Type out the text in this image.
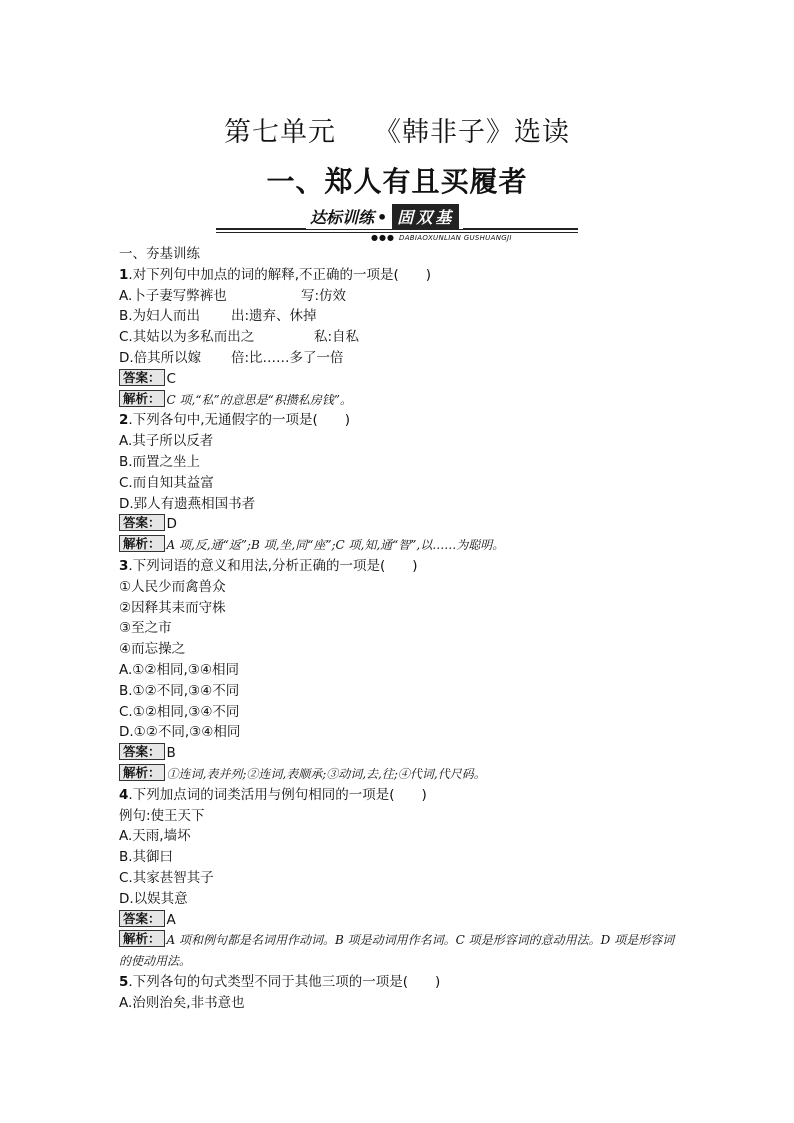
第七单元 《韩非子》选读
一、郑人有且买履者
达标训练 • 固双基
●●● DABIAOXUNLIAN GUSHUANGJI
一、夯基训练
1.对下列句中加点的词的解释,不正确的一项是(　　)
A.卜子妻写弊裤也	写:仿效
B.为妇人而出 出:遗弃、休掉
C.其姑以为多私而出之	私:自私
D.倍其所以嫁 倍:比……多了一倍
答案： C
解析： C 项,“私”的意思是“积攒私房钱”。
2.下列各句中,无通假字的一项是(　　)
A.其子所以反者
B.而置之坐上
C.而自知其益富
D.郢人有遗燕相国书者
答案： D
解析： A 项,反,通“返”;B 项,坐,同“座”;C 项,知,通“智”,以……为聪明。
3.下列词语的意义和用法,分析正确的一项是(　　)
①人民少而禽兽众
②因释其耒而守株
③至之市
④而忘操之
A.①②相同,③④相同
B.①②不同,③④不同
C.①②相同,③④不同
D.①②不同,③④相同
答案： B
解析： ①连词,表并列;②连词,表顺承;③动词,去,往;④代词,代尺码。
4.下列加点词的词类活用与例句相同的一项是(　　)
例句:使王天下
A.天雨,墙坏
B.其御曰
C.其家甚智其子
D.以娱其意
答案： A
解析： A 项和例句都是名词用作动词。B 项是动词用作名词。C 项是形容词的意动用法。D 项是形容词的使动用法。
5.下列各句的句式类型不同于其他三项的一项是(　　)
A.治则治矣,非书意也
